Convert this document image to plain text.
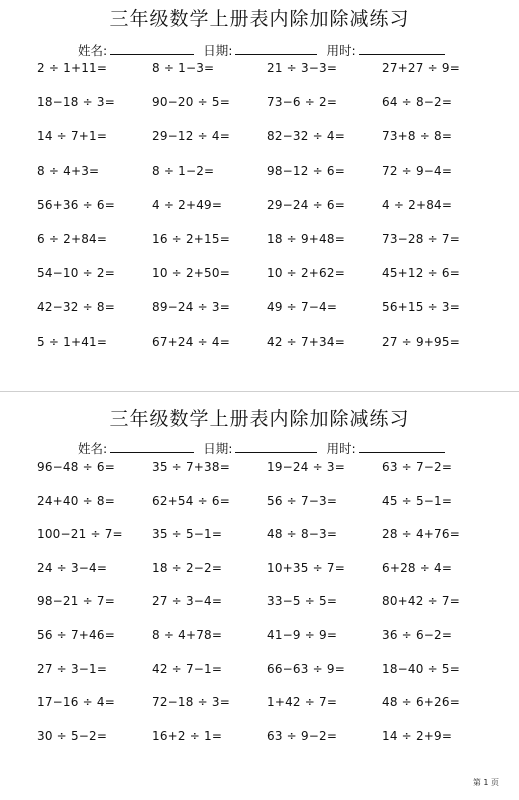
三年级数学上册表内除加除减练习
姓名:	日期:	用时:
2 ÷ 1+11=	8 ÷ 1−3=	21 ÷ 3−3=	27+27 ÷ 9=
18−18 ÷ 3=	90−20 ÷ 5=	73−6 ÷ 2=	64 ÷ 8−2=
14 ÷ 7+1=	29−12 ÷ 4=	82−32 ÷ 4=	73+8 ÷ 8=
8 ÷ 4+3=	8 ÷ 1−2=	98−12 ÷ 6=	72 ÷ 9−4=
56+36 ÷ 6=	4 ÷ 2+49=	29−24 ÷ 6=	4 ÷ 2+84=
6 ÷ 2+84=	16 ÷ 2+15=	18 ÷ 9+48=	73−28 ÷ 7=
54−10 ÷ 2=	10 ÷ 2+50=	10 ÷ 2+62=	45+12 ÷ 6=
42−32 ÷ 8=	89−24 ÷ 3=	49 ÷ 7−4=	56+15 ÷ 3=
5 ÷ 1+41=	67+24 ÷ 4=	42 ÷ 7+34=	27 ÷ 9+95=
三年级数学上册表内除加除减练习
姓名:	日期:	用时:
96−48 ÷ 6=	35 ÷ 7+38=	19−24 ÷ 3=	63 ÷ 7−2=
24+40 ÷ 8=	62+54 ÷ 6=	56 ÷ 7−3=	45 ÷ 5−1=
100−21 ÷ 7=	35 ÷ 5−1=	48 ÷ 8−3=	28 ÷ 4+76=
24 ÷ 3−4=	18 ÷ 2−2=	10+35 ÷ 7=	6+28 ÷ 4=
98−21 ÷ 7=	27 ÷ 3−4=	33−5 ÷ 5=	80+42 ÷ 7=
56 ÷ 7+46=	8 ÷ 4+78=	41−9 ÷ 9=	36 ÷ 6−2=
27 ÷ 3−1=	42 ÷ 7−1=	66−63 ÷ 9=	18−40 ÷ 5=
17−16 ÷ 4=	72−18 ÷ 3=	1+42 ÷ 7=	48 ÷ 6+26=
30 ÷ 5−2=	16+2 ÷ 1=	63 ÷ 9−2=	14 ÷ 2+9=
第 1 页
